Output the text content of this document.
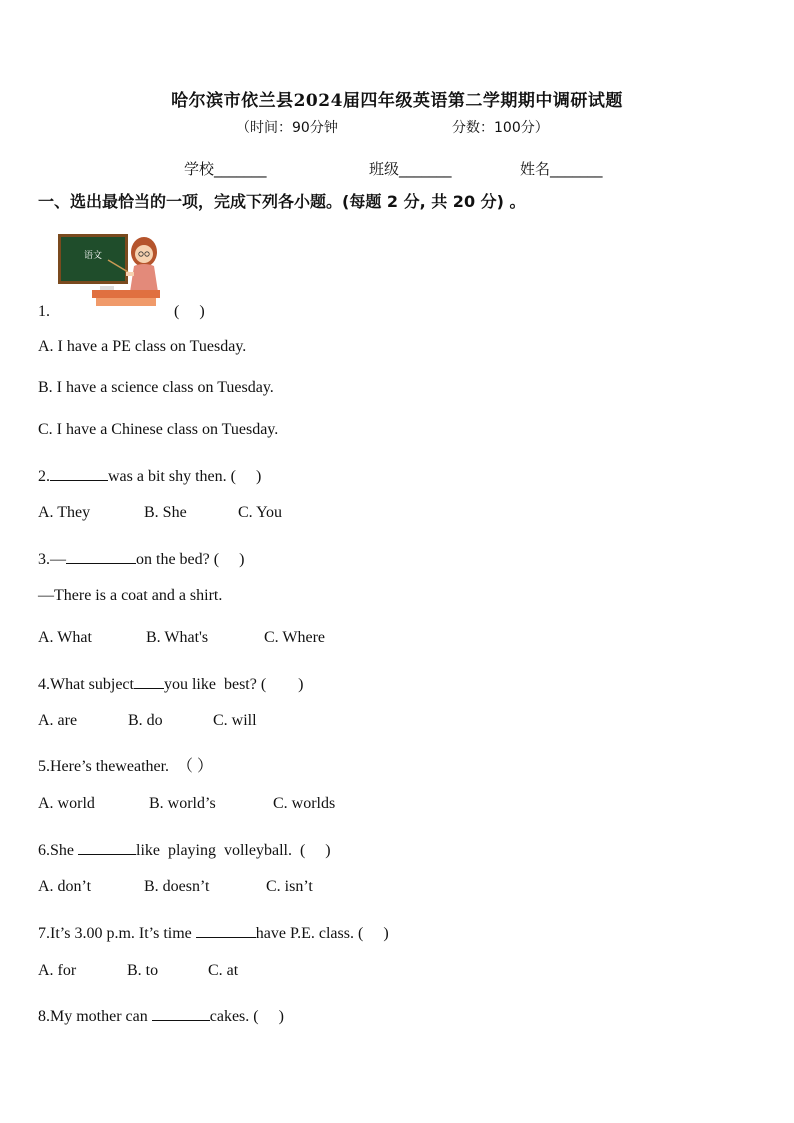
哈尔滨市依兰县2024届四年级英语第二学期期中调研试题
（时间：90分钟	分数：100分）
学校_______	班级_______	姓名_______
一、选出最恰当的一项，完成下列各小题。(每题 2 分, 共 20 分) 。
语文
1.	(　 )
A. I have a PE class on Tuesday.
B. I have a science class on Tuesday.
C. I have a Chinese class on Tuesday.
2.	was a bit shy then. (　 )
A. They	B. She	C. You
3.—	on the bed? (　 )
—There is a coat and a shirt.
A. What	B. What's	C. Where
4.What subject you like  best? (　　)
A. are	B. do	C. will
5.Here’s theweather.　（ ）
A. world	B. world’s	C. worlds
6.She	like  playing  volleyball.  (　 )
A. don’t	B. doesn’t	C. isn’t
7.It’s 3.00 p.m. It’s time	have P.E. class. (　 )
A. for	B. to	C. at
8.My mother can	cakes. (　 )
